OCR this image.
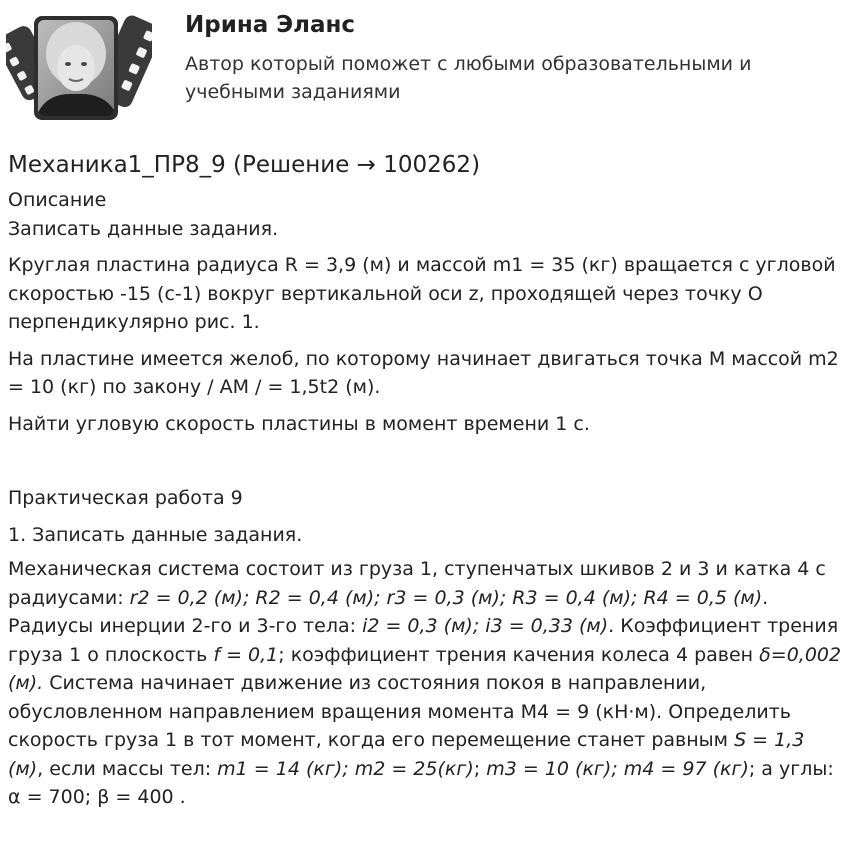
Ирина Эланс

Автор который поможет с любыми образовательными и учебными заданиями

Механика1_ПР8_9 (Решение → 100262)

Описание

Записать данные задания.

Круглая пластина радиуса R = 3,9 (м) и массой m1 = 35 (кг) вращается с угловой скоростью -15 (с-1) вокруг вертикальной оси z, проходящей через точку О перпендикулярно рис. 1.

На пластине имеется желоб, по которому начинает двигаться точка М массой m2 = 10 (кг) по закону / AM / = 1,5t2 (м).

Найти угловую скорость пластины в момент времени 1 с.

Практическая работа 9

1. Записать данные задания.

Механическая система состоит из груза 1, ступенчатых шкивов 2 и 3 и катка 4 с радиусами: r2 = 0,2 (м); R2 = 0,4 (м); r3 = 0,3 (м); R3 = 0,4 (м); R4 = 0,5 (м). Радиусы инерции 2-го и 3-го тела: i2 = 0,3 (м); i3 = 0,33 (м). Коэффициент трения груза 1 о плоскость f = 0,1; коэффициент трения качения колеса 4 равен δ=0,002 (м). Система начинает движение из состояния покоя в направлении, обусловленном направлением вращения момента М4 = 9 (кН·м). Определить скорость груза 1 в тот момент, когда его перемещение станет равным S = 1,3 (м), если массы тел: m1 = 14 (кг); m2 = 25(кг); m3 = 10 (кг); m4 = 97 (кг); а углы: α = 700; β = 400 .
